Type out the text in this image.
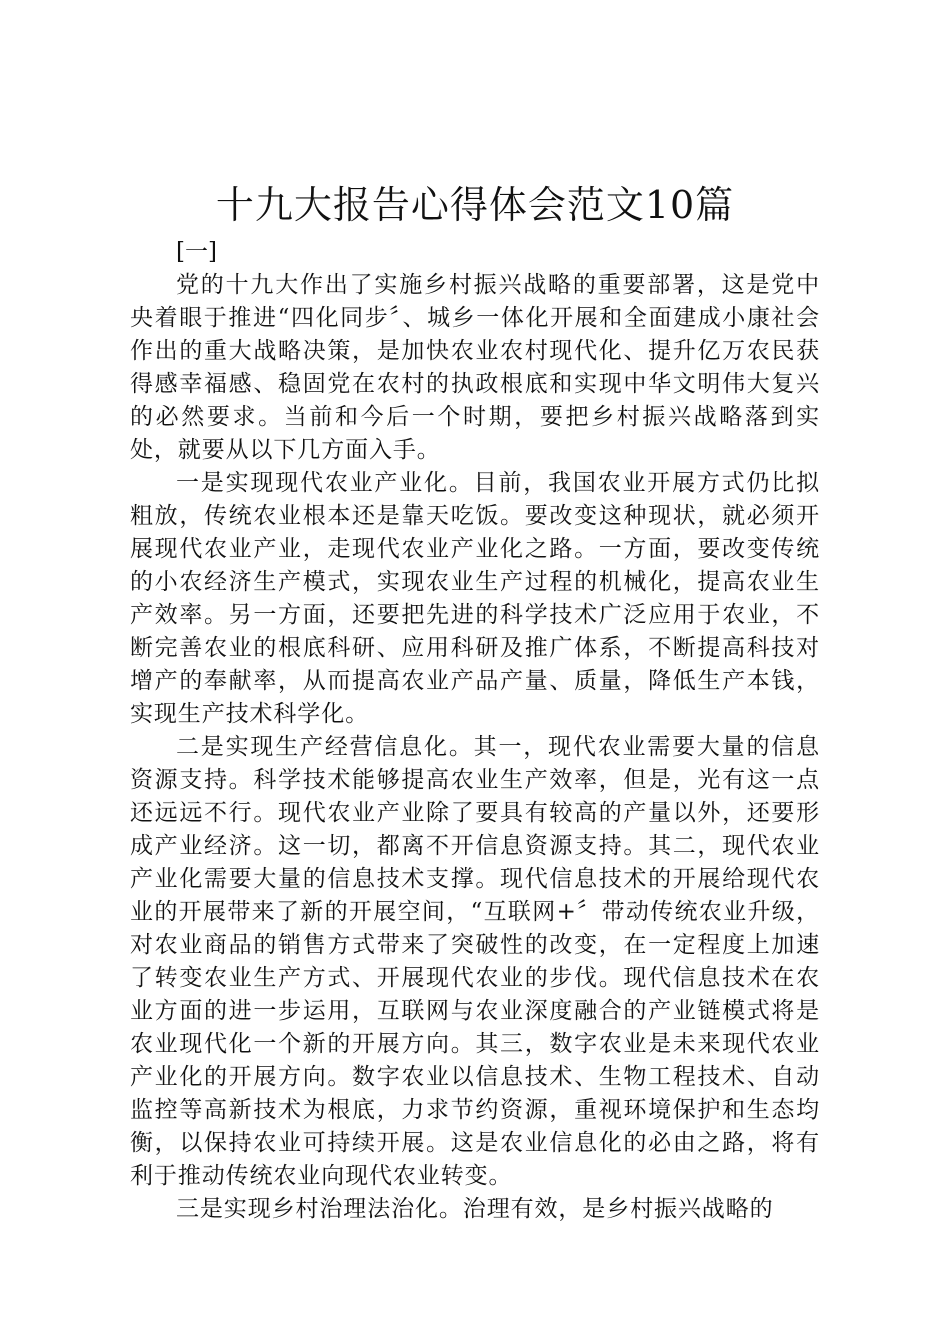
十九大报告心得体会范文10篇

[一]

党的十九大作出了实施乡村振兴战略的重要部署，这是党中央着眼于推进“四化同步〞、城乡一体化开展和全面建成小康社会作出的重大战略决策，是加快农业农村现代化、提升亿万农民获得感幸福感、稳固党在农村的执政根底和实现中华文明伟大复兴的必然要求。当前和今后一个时期，要把乡村振兴战略落到实处，就要从以下几方面入手。

一是实现现代农业产业化。目前，我国农业开展方式仍比拟粗放，传统农业根本还是靠天吃饭。要改变这种现状，就必须开展现代农业产业，走现代农业产业化之路。一方面，要改变传统的小农经济生产模式，实现农业生产过程的机械化，提高农业生产效率。另一方面，还要把先进的科学技术广泛应用于农业，不断完善农业的根底科研、应用科研及推广体系，不断提高科技对增产的奉献率，从而提高农业产品产量、质量，降低生产本钱，实现生产技术科学化。

二是实现生产经营信息化。其一，现代农业需要大量的信息资源支持。科学技术能够提高农业生产效率，但是，光有这一点还远远不行。现代农业产业除了要具有较高的产量以外，还要形成产业经济。这一切，都离不开信息资源支持。其二，现代农业产业化需要大量的信息技术支撑。现代信息技术的开展给现代农业的开展带来了新的开展空间，“互联网+〞带动传统农业升级，对农业商品的销售方式带来了突破性的改变，在一定程度上加速了转变农业生产方式、开展现代农业的步伐。现代信息技术在农业方面的进一步运用，互联网与农业深度融合的产业链模式将是农业现代化一个新的开展方向。其三，数字农业是未来现代农业产业化的开展方向。数字农业以信息技术、生物工程技术、自动监控等高新技术为根底，力求节约资源，重视环境保护和生态均衡，以保持农业可持续开展。这是农业信息化的必由之路，将有利于推动传统农业向现代农业转变。

三是实现乡村治理法治化。治理有效，是乡村振兴战略的
